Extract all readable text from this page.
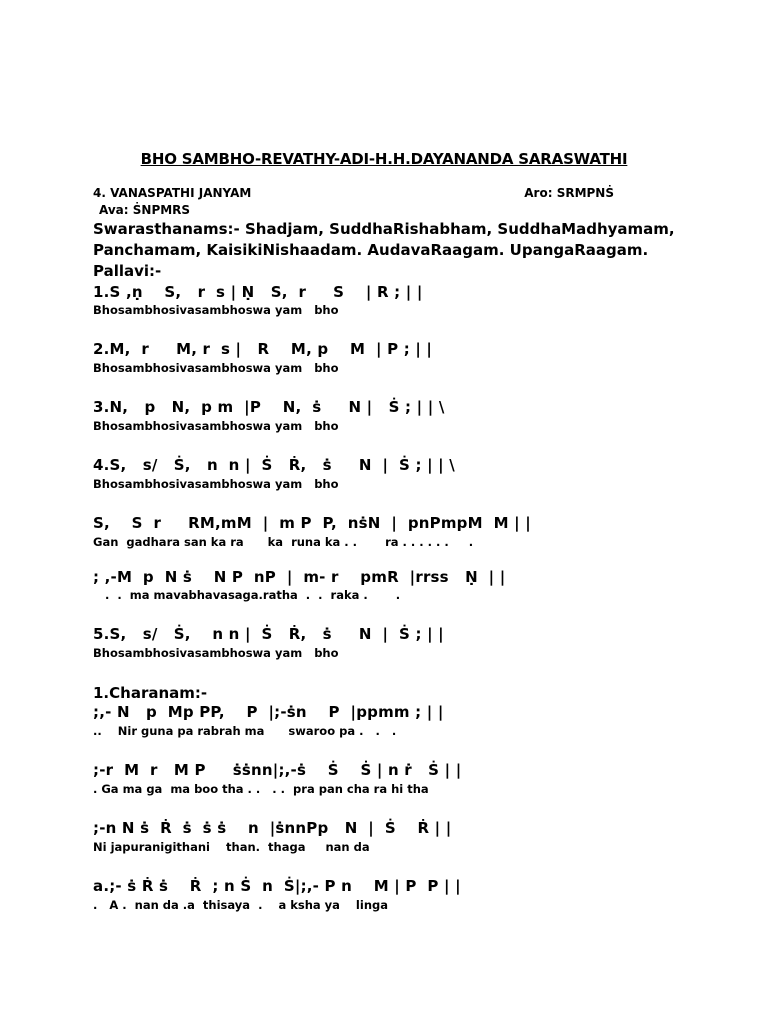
BHO SAMBHO-REVATHY-ADI-H.H.DAYANANDA SARASWATHI
4. VANASPATHI JANYAM	Aro: SRMPNṠ
Ava: ṠNPMRS
Swarasthanams:- Shadjam, SuddhaRishabham, SuddhaMadhyamam,
Panchamam, KaisikiNishaadam. AudavaRaagam. UpangaRaagam.
Pallavi:-
1.S ,ṇ    S,   r  s | Ṇ   S,  r     S    | R ; | |
Bhosambhosivasambhoswa yam   bho
2.M,  r     M, r  s |   R    M, p    M  | P ; | |
Bhosambhosivasambhoswa yam   bho
3.N,   p   N,  p m  |P    N,  ṡ     N |   Ṡ ; | | \
Bhosambhosivasambhoswa yam   bho
4.S,   s/   Ṡ,   n  n |  Ṡ   Ṙ,   ṡ     N  |  Ṡ ; | | \
Bhosambhosivasambhoswa yam   bho
S,    S  r     RM,mM  |  m P  P,  nṡN  |  pnPmpM  M | |
Gan  gadhara san ka ra      ka  runa ka . .       ra . . . . . .     .
; ,-M  p  N ṡ    N P  nP  |  m- r    pmR  |rrss   Ṇ  | |
.  .  ma mavabhavasaga.ratha  .  .  raka .       .
5.S,   s/   Ṡ,    n n |  Ṡ   Ṙ,   ṡ     N  |  Ṡ ; | |
Bhosambhosivasambhoswa yam   bho
1.Charanam:-
;,- N   p  Mp PP,    P  |;-ṡn    P  |ppmm ; | |
..    Nir guna pa rabrah ma      swaroo pa .   .   .
;-r  M  r   M P     ṡṡnn|;,-ṡ    Ṡ    Ṡ | n ṙ   Ṡ | |
. Ga ma ga  ma boo tha . .   . .  pra pan cha ra hi tha
;-n N ṡ  Ṙ  ṡ  ṡ ṡ    n  |ṡnnPp   N  |  Ṡ    Ṙ | |
Ni japuranigithani    than.  thaga     nan da
a.;- ṡ Ṙ ṡ    Ṙ  ; n Ṡ  n  Ṡ|;,- P n    M | P  P | |
.   A .  nan da .a  thisaya  .    a ksha ya    linga
